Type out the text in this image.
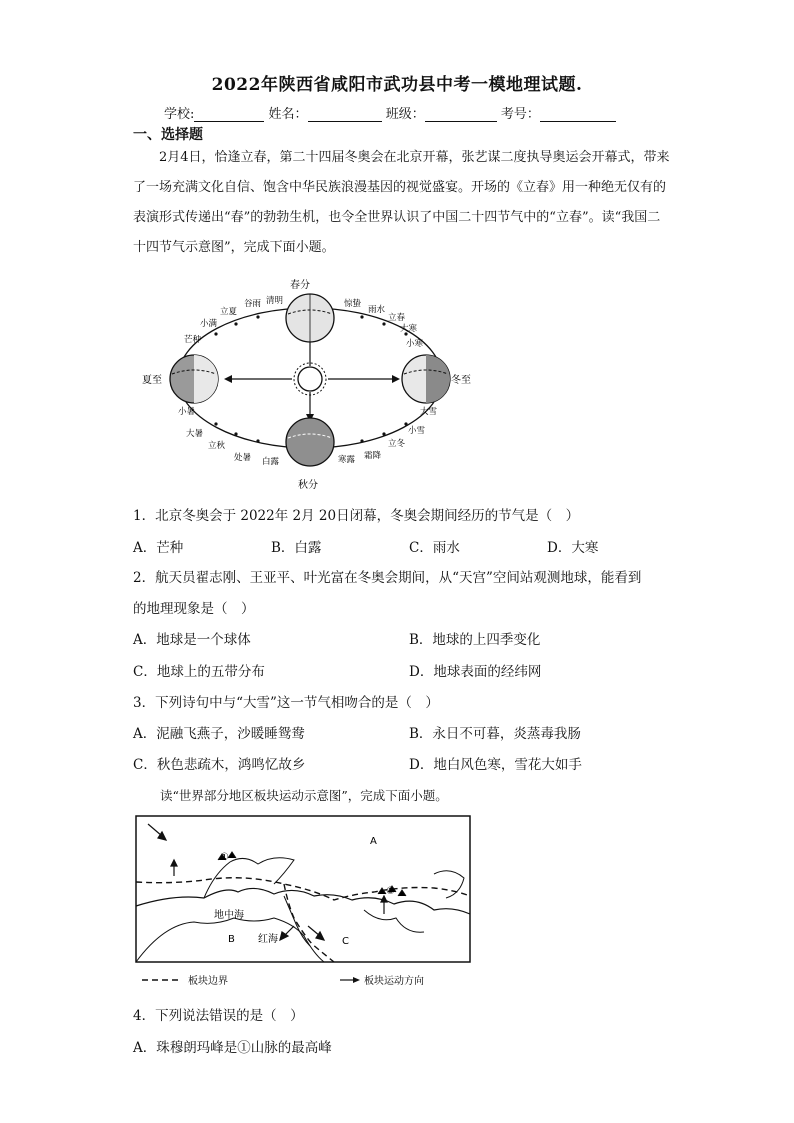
2022年陕西省咸阳市武功县中考一模地理试题.
学校:	姓名：	班级：	考号：
一、选择题
2月4日，恰逢立春，第二十四届冬奥会在北京开幕，张艺谋二度执导奥运会开幕式，带来了一场充满文化自信、饱含中华民族浪漫基因的视觉盛宴。开场的《立春》用一种绝无仅有的表演形式传递出“春”的勃勃生机，也令全世界认识了中国二十四节气中的“立春”。读“我国二十四节气示意图”，完成下面小题。
春分
夏至	冬至
秋分
立夏
谷雨 清明
小满
芒种
惊蛰
雨水
立春
大寒
小寒
小暑
大暑
立秋
处暑 白露
大雪
小雪
立冬
霜降
寒露
1．北京冬奥会于 2022年 2月 20日闭幕，冬奥会期间经历的节气是（　）
A．芒种	B．白露	C．雨水	D．大寒
2．航天员翟志刚、王亚平、叶光富在冬奥会期间，从“天宫”空间站观测地球，能看到
的地理现象是（　）
A．地球是一个球体	B．地球的上四季变化
C．地球上的五带分布	D．地球表面的经纬网
3．下列诗句中与“大雪”这一节气相吻合的是（　）
A．泥融飞燕子，沙暖睡鸳鸯	B．永日不可暮，炎蒸毒我肠
C．秋色悲疏木，鸿鸣忆故乡	D．地白风色寒，雪花大如手
读“世界部分地区板块运动示意图”，完成下面小题。
A
B	C
地中海
红海
①
②
板块边界	板块运动方向
4．下列说法错误的是（　）
A．珠穆朗玛峰是①山脉的最高峰
